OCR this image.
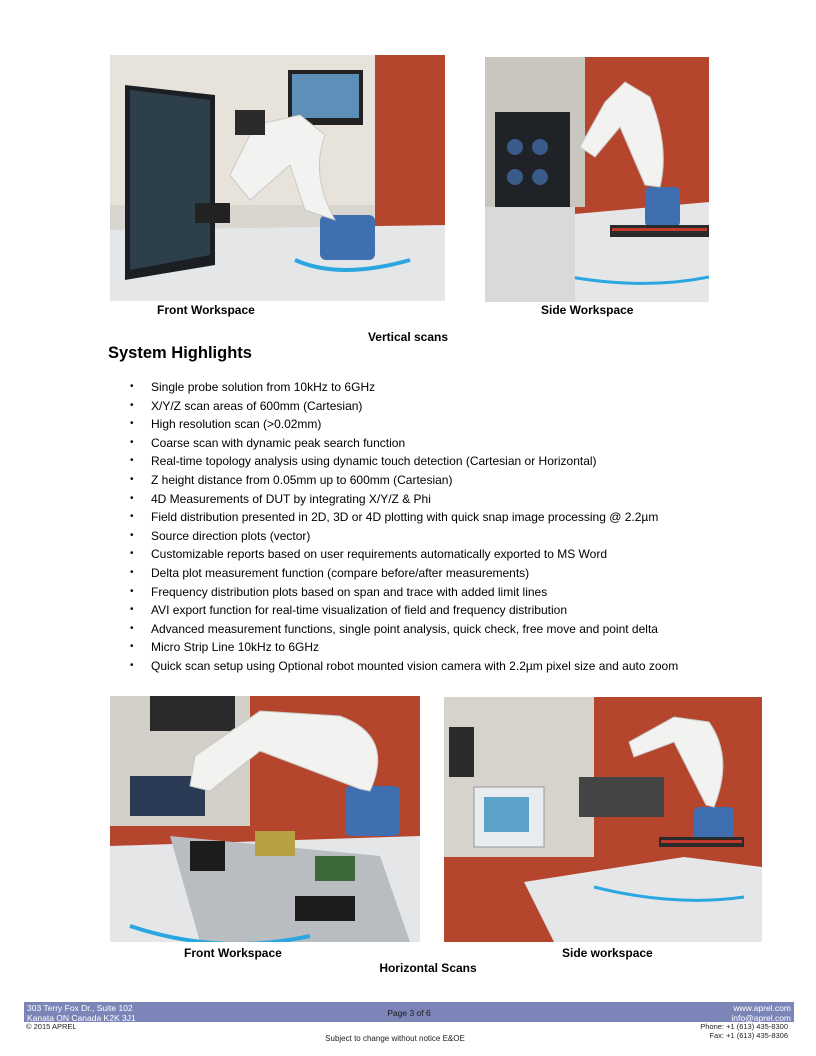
Front Workspace	Side Workspace
Vertical scans
System Highlights
• Single probe solution from 10kHz to 6GHz
• X/Y/Z scan areas of 600mm (Cartesian)
• High resolution scan (>0.02mm)
• Coarse scan with dynamic peak search function
• Real-time topology analysis using dynamic touch detection (Cartesian or Horizontal)
• Z height distance from 0.05mm up to 600mm (Cartesian)
• 4D Measurements of DUT by integrating X/Y/Z & Phi
• Field distribution presented in 2D, 3D or 4D plotting with quick snap image processing @ 2.2µm
• Source direction plots (vector)
• Customizable reports based on user requirements automatically exported to MS Word
• Delta plot measurement function (compare before/after measurements)
• Frequency distribution plots based on span and trace with added limit lines
• AVI export function for real-time visualization of field and frequency distribution
• Advanced measurement functions, single point analysis, quick check, free move and point delta
• Micro Strip Line 10kHz to 6GHz
• Quick scan setup using Optional robot mounted vision camera with 2.2µm pixel size and auto zoom
Front Workspace	Side workspace
Horizontal Scans
303 Terry Fox Dr., Suite 102
Kanata ON Canada K2K 3J1	Page 3 of 6	www.aprel.com
info@aprel.com
© 2015 APREL	Phone: +1 (613) 435-8300
Fax: +1 (613) 435-8306
Subject to change without notice E&OE
